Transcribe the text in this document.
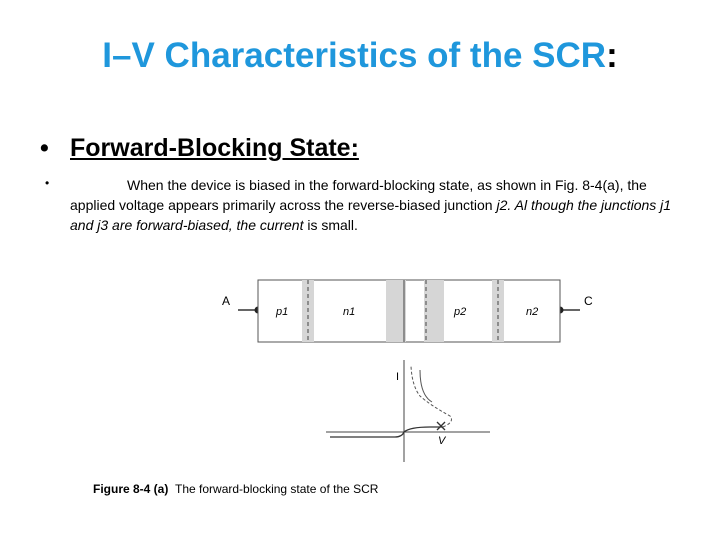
I–V Characteristics of the SCR:
• Forward-Blocking State:
•	When the device is biased in the forward-blocking state, as shown in Fig. 8-4(a), the applied voltage appears primarily across the reverse-biased junction j2. Al though the junctions j1 and j3 are forward-biased, the current is small.
A	C
p1	n1	p2	n2
I
V
Figure 8-4 (a) The forward-blocking state of the SCR
